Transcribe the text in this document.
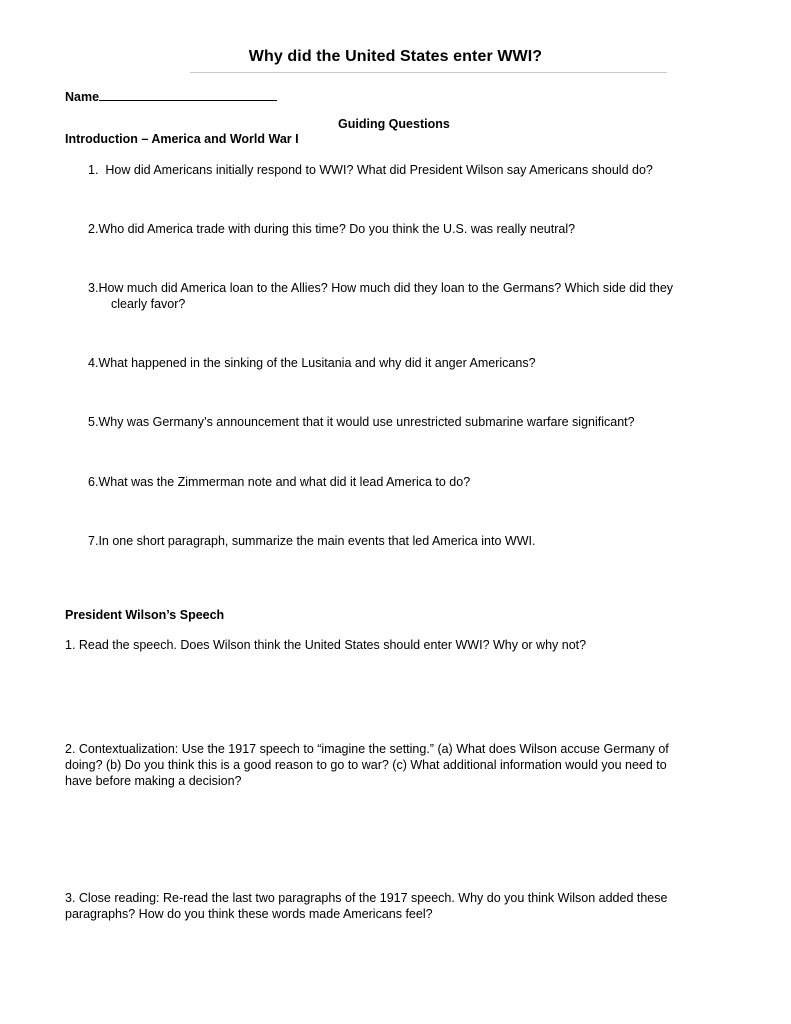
Why did the United States enter WWI?
Name
Guiding Questions
Introduction – America and World War I
1. How did Americans initially respond to WWI? What did President Wilson say Americans should do?
2.Who did America trade with during this time? Do you think the U.S. was really neutral?
3.How much did America loan to the Allies? How much did they loan to the Germans? Which side did they
clearly favor?
4.What happened in the sinking of the Lusitania and why did it anger Americans?
5.Why was Germany’s announcement that it would use unrestricted submarine warfare significant?
6.What was the Zimmerman note and what did it lead America to do?
7.In one short paragraph, summarize the main events that led America into WWI.
President Wilson’s Speech
1. Read the speech. Does Wilson think the United States should enter WWI? Why or why not?
2. Contextualization: Use the 1917 speech to “imagine the setting.” (a) What does Wilson accuse Germany of
doing? (b) Do you think this is a good reason to go to war? (c) What additional information would you need to
have before making a decision?
3. Close reading: Re-read the last two paragraphs of the 1917 speech. Why do you think Wilson added these
paragraphs? How do you think these words made Americans feel?
